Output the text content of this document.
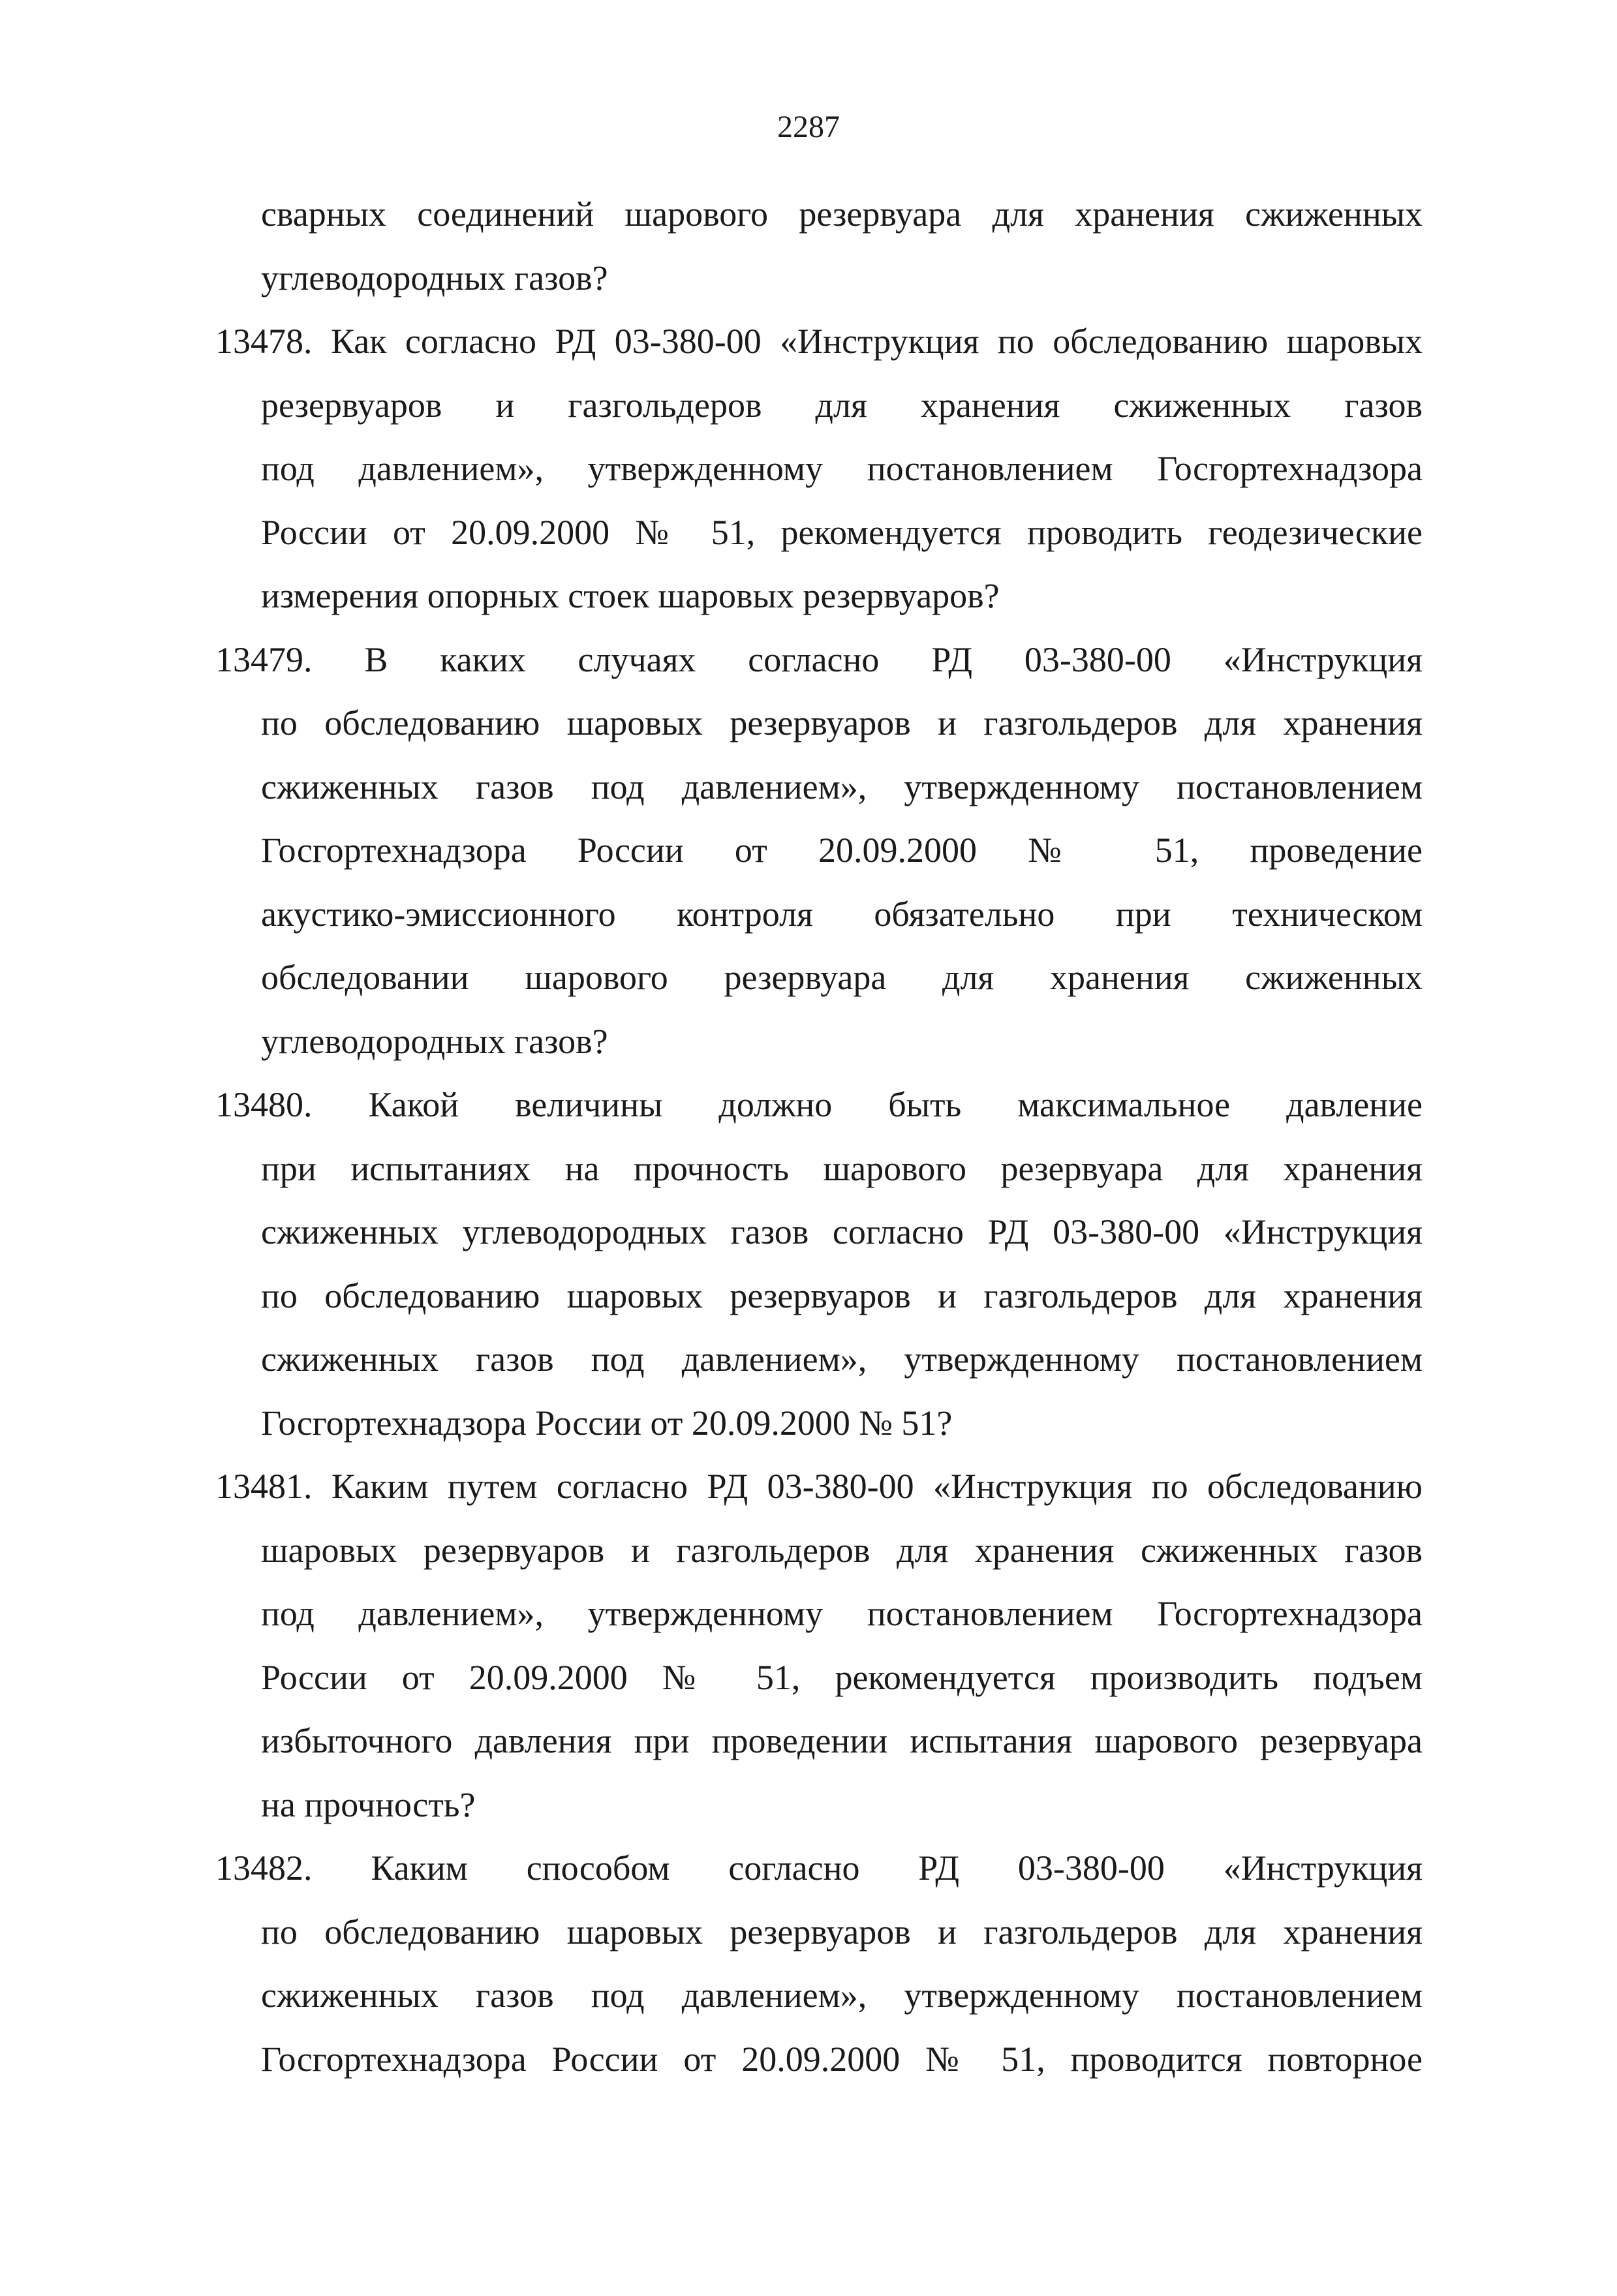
2287
сварных соединений шарового резервуара для хранения сжиженных
углеводородных газов?
13478. Как согласно РД 03-380-00 «Инструкция по обследованию шаровых
резервуаров и газгольдеров для хранения сжиженных газов
под давлением», утвержденному постановлением Госгортехнадзора
России от 20.09.2000 № 51, рекомендуется проводить геодезические
измерения опорных стоек шаровых резервуаров?
13479. В каких случаях согласно РД 03-380-00 «Инструкция
по обследованию шаровых резервуаров и газгольдеров для хранения
сжиженных газов под давлением», утвержденному постановлением
Госгортехнадзора России от 20.09.2000 № 51, проведение
акустико-эмиссионного контроля обязательно при техническом
обследовании шарового резервуара для хранения сжиженных
углеводородных газов?
13480. Какой величины должно быть максимальное давление
при испытаниях на прочность шарового резервуара для хранения
сжиженных углеводородных газов согласно РД 03-380-00 «Инструкция
по обследованию шаровых резервуаров и газгольдеров для хранения
сжиженных газов под давлением», утвержденному постановлением
Госгортехнадзора России от 20.09.2000 № 51?
13481. Каким путем согласно РД 03-380-00 «Инструкция по обследованию
шаровых резервуаров и газгольдеров для хранения сжиженных газов
под давлением», утвержденному постановлением Госгортехнадзора
России от 20.09.2000 № 51, рекомендуется производить подъем
избыточного давления при проведении испытания шарового резервуара
на прочность?
13482. Каким способом согласно РД 03-380-00 «Инструкция
по обследованию шаровых резервуаров и газгольдеров для хранения
сжиженных газов под давлением», утвержденному постановлением
Госгортехнадзора России от 20.09.2000 № 51, проводится повторное
